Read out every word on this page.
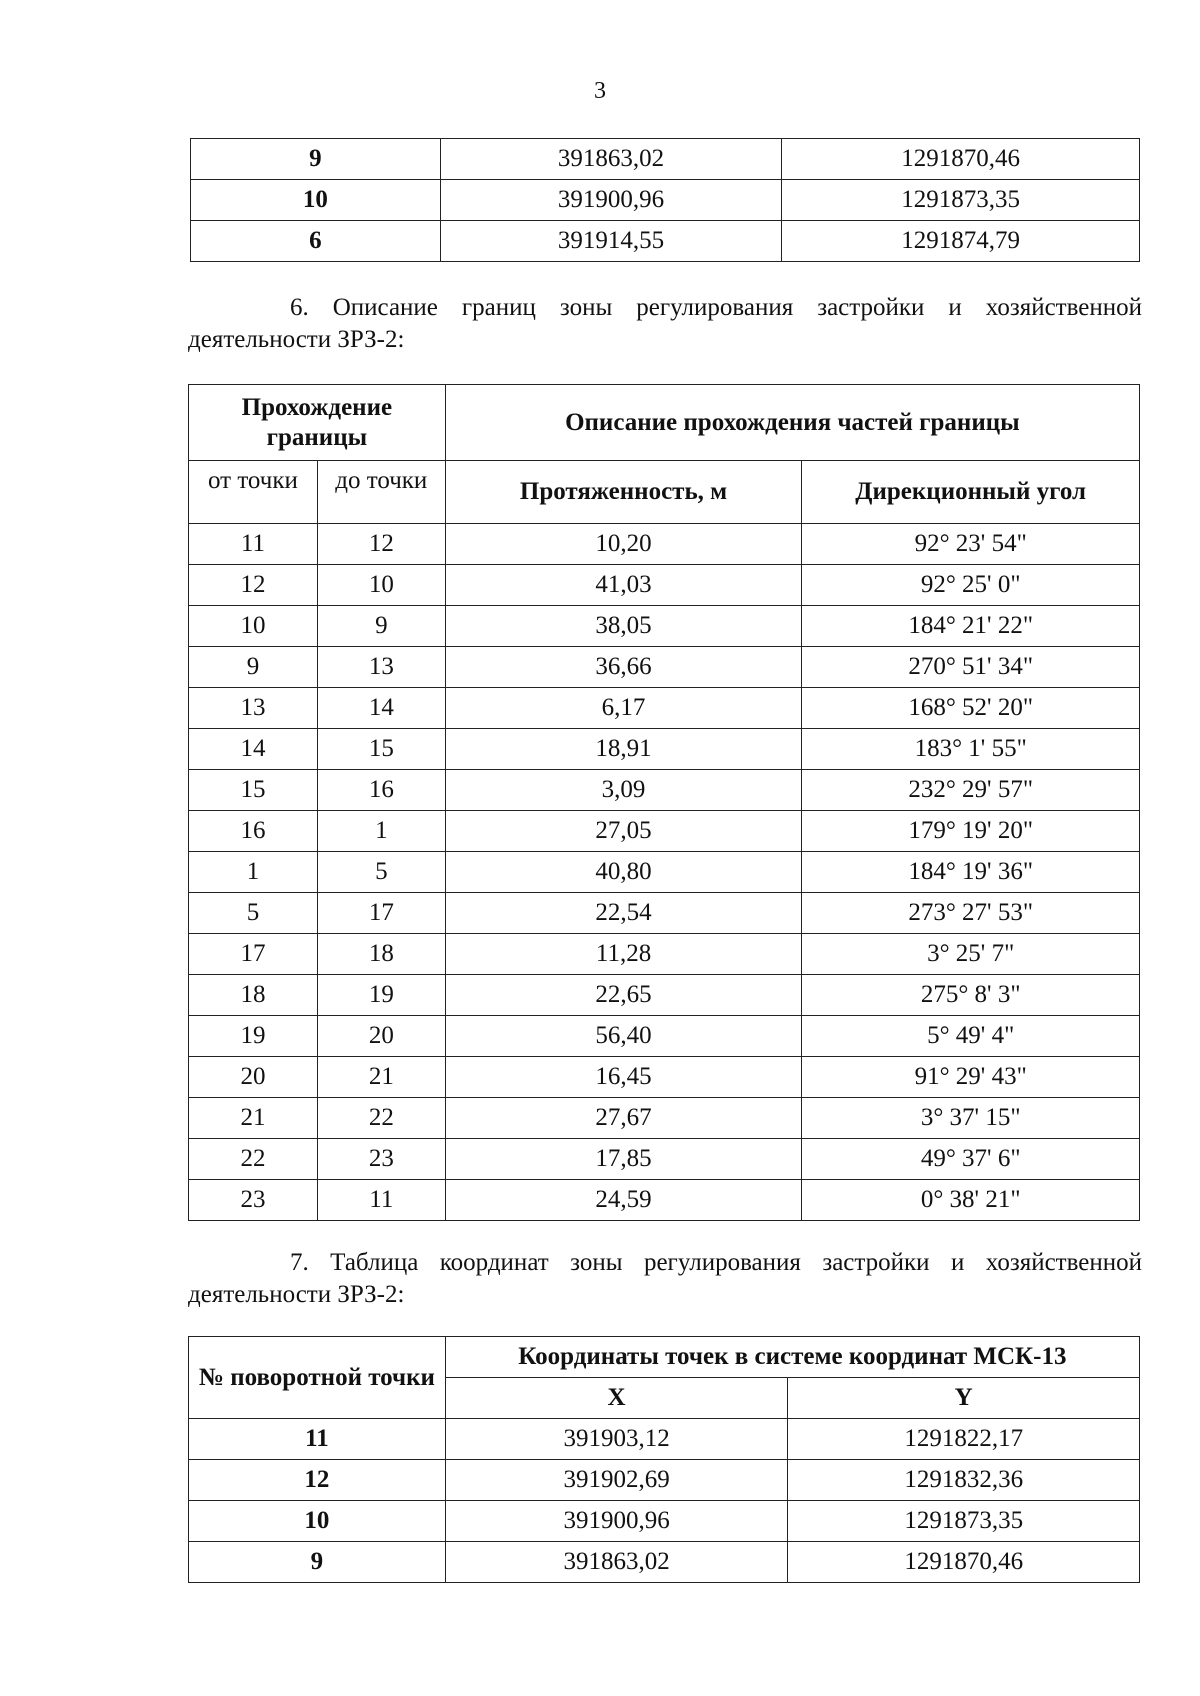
3
9	391863,02	1291870,46
10	391900,96	1291873,35
6	391914,55	1291874,79
6. Описание границ зоны регулирования застройки и хозяйственной деятельности ЗРЗ-2:
Прохождение границы		Описание прохождения частей границы	
от точки	до точки	Протяженность, м	Дирекционный угол
11	12	10,20	92° 23' 54"
12	10	41,03	92° 25' 0"
10	9	38,05	184° 21' 22"
9	13	36,66	270° 51' 34"
13	14	6,17	168° 52' 20"
14	15	18,91	183° 1' 55"
15	16	3,09	232° 29' 57"
16	1	27,05	179° 19' 20"
1	5	40,80	184° 19' 36"
5	17	22,54	273° 27' 53"
17	18	11,28	3° 25' 7"
18	19	22,65	275° 8' 3"
19	20	56,40	5° 49' 4"
20	21	16,45	91° 29' 43"
21	22	27,67	3° 37' 15"
22	23	17,85	49° 37' 6"
23	11	24,59	0° 38' 21"
7. Таблица координат зоны регулирования застройки и хозяйственной деятельности ЗРЗ-2:
№ поворотной точки	Координаты точек в системе координат МСК-13	
	X	Y
11	391903,12	1291822,17
12	391902,69	1291832,36
10	391900,96	1291873,35
9	391863,02	1291870,46
